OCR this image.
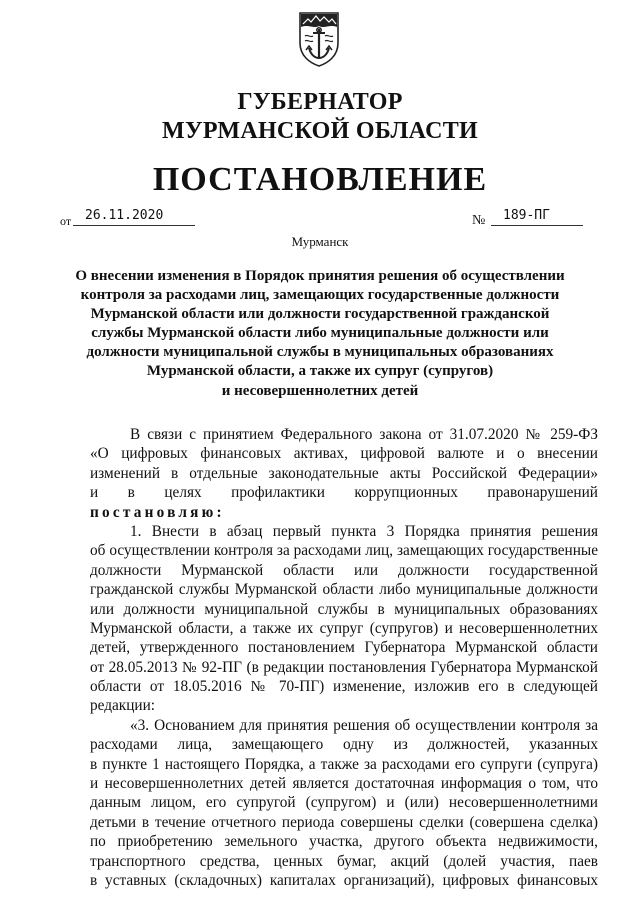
ГУБЕРНАТОР
МУРМАНСКОЙ ОБЛАСТИ
ПОСТАНОВЛЕНИЕ
от	26.11.2020	№	189-ПГ
Мурманск
О внесении изменения в Порядок принятия решения об осуществлении
контроля за расходами лиц, замещающих государственные должности
Мурманской области или должности государственной гражданской
службы Мурманской области либо муниципальные должности или
должности муниципальной службы в муниципальных образованиях
Мурманской области, а также их супруг (супругов)
и несовершеннолетних детей
В связи с принятием Федерального закона от 31.07.2020 № 259-ФЗ
«О цифровых финансовых активах, цифровой валюте и о внесении
изменений в отдельные законодательные акты Российской Федерации»
и в целях профилактики коррупционных правонарушений
постановляю:
1. Внести в абзац первый пункта 3 Порядка принятия решения
об осуществлении контроля за расходами лиц, замещающих государственные
должности Мурманской области или должности государственной
гражданской службы Мурманской области либо муниципальные должности
или должности муниципальной службы в муниципальных образованиях
Мурманской области, а также их супруг (супругов) и несовершеннолетних
детей, утвержденного постановлением Губернатора Мурманской области
от 28.05.2013 № 92-ПГ (в редакции постановления Губернатора Мурманской
области от 18.05.2016 № 70-ПГ) изменение, изложив его в следующей
редакции:
«3. Основанием для принятия решения об осуществлении контроля за
расходами лица, замещающего одну из должностей, указанных
в пункте 1 настоящего Порядка, а также за расходами его супруги (супруга)
и несовершеннолетних детей является достаточная информация о том, что
данным лицом, его супругой (супругом) и (или) несовершеннолетними
детьми в течение отчетного периода совершены сделки (совершена сделка)
по приобретению земельного участка, другого объекта недвижимости,
транспортного средства, ценных бумаг, акций (долей участия, паев
в уставных (складочных) капиталах организаций), цифровых финансовых
